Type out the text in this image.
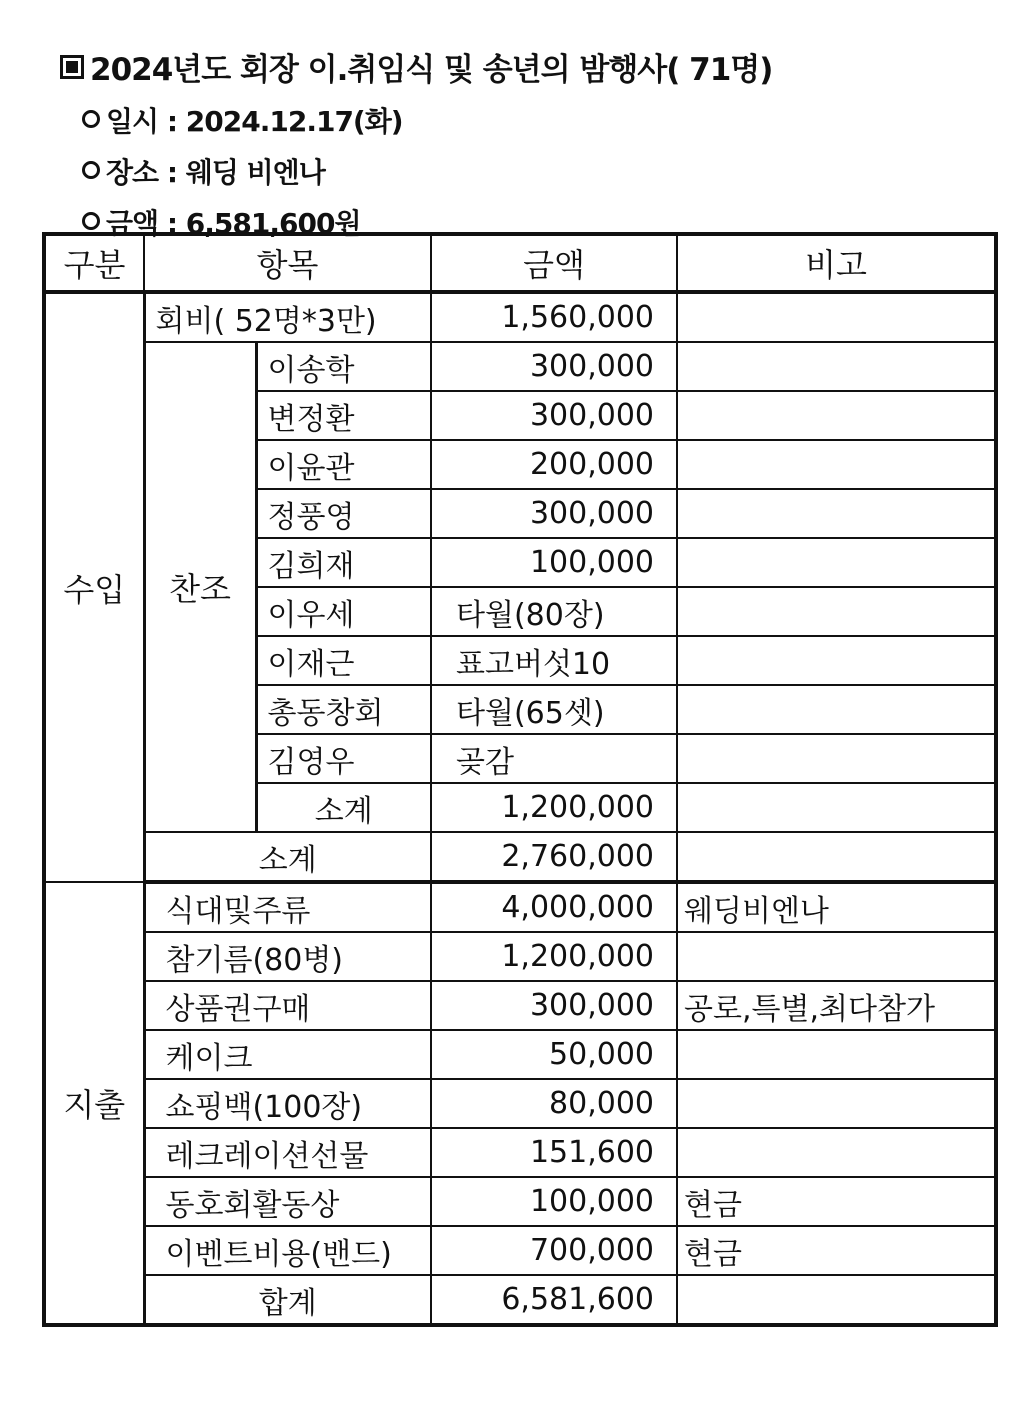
2024년도 회장 이.취임식 및 송년의 밤행사( 71명)
일시 : 2024.12.17(화)
장소 : 웨딩 비엔나
금액 : 6,581,600원
구분	항목		금액	비고
수입	회비( 52명*3만)		1,560,000	
	찬조	이송학	300,000	
		변정환	300,000	
		이윤관	200,000	
		정풍영	300,000	
		김희재	100,000	
		이우세	타월(80장)	
		이재근	표고버섯10	
		총동창회	타월(65셋)	
		김영우	곶감	
		소계	1,200,000	
	소계		2,760,000	
지출	식대및주류		4,000,000	웨딩비엔나
	참기름(80병)		1,200,000	
	상품권구매		300,000	공로,특별,최다참가
	케이크		50,000	
	쇼핑백(100장)		80,000	
	레크레이션선물		151,600	
	동호회활동상		100,000	현금
	이벤트비용(밴드)		700,000	현금
	합계		6,581,600	
